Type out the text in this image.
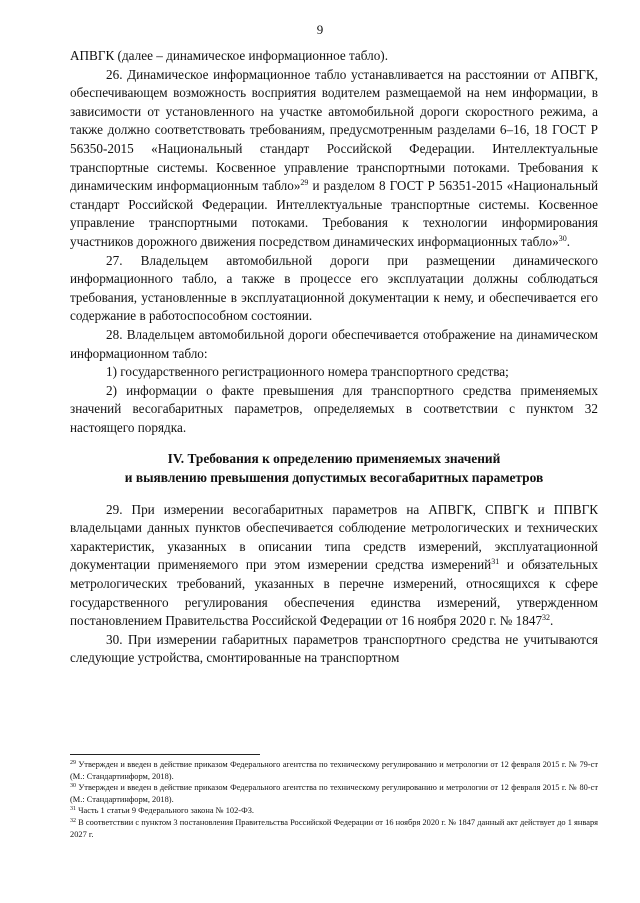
9

АПВГК (далее – динамическое информационное табло).

26. Динамическое информационное табло устанавливается на расстоянии от АПВГК, обеспечивающем возможность восприятия водителем размещаемой на нем информации, в зависимости от установленного на участке автомобильной дороги скоростного режима, а также должно соответствовать требованиям, предусмотренным разделами 6–16, 18 ГОСТ Р 56350-2015 «Национальный стандарт Российской Федерации. Интеллектуальные транспортные системы. Косвенное управление транспортными потоками. Требования к динамическим информационным табло»$^{29}$ и разделом 8 ГОСТ Р 56351-2015 «Национальный стандарт Российской Федерации. Интеллектуальные транспортные системы. Косвенное управление транспортными потоками. Требования к технологии информирования участников дорожного движения посредством динамических информационных табло»$^{30}$.

27. Владельцем автомобильной дороги при размещении динамического информационного табло, а также в процессе его эксплуатации должны соблюдаться требования, установленные в эксплуатационной документации к нему, и обеспечивается его содержание в работоспособном состоянии.

28. Владельцем автомобильной дороги обеспечивается отображение на динамическом информационном табло:

1) государственного регистрационного номера транспортного средства;

2) информации о факте превышения для транспортного средства применяемых значений весогабаритных параметров, определяемых в соответствии с пунктом 32 настоящего порядка.

IV. Требования к определению применяемых значений
и выявлению превышения допустимых весогабаритных параметров

29. При измерении весогабаритных параметров на АПВГК, СПВГК и ППВГК владельцами данных пунктов обеспечивается соблюдение метрологических и технических характеристик, указанных в описании типа средств измерений, эксплуатационной документации применяемого при этом измерении средства измерений$^{31}$ и обязательных метрологических требований, указанных в перечне измерений, относящихся к сфере государственного регулирования обеспечения единства измерений, утвержденном постановлением Правительства Российской Федерации от 16 ноября 2020 г. № 1847$^{32}$.

30. При измерении габаритных параметров транспортного средства не учитываются следующие устройства, смонтированные на транспортном

$^{29}$ Утвержден и введен в действие приказом Федерального агентства по техническому регулированию и метрологии от 12 февраля 2015 г. № 79-ст (М.: Стандартинформ, 2018).

$^{30}$ Утвержден и введен в действие приказом Федерального агентства по техническому регулированию и метрологии от 12 февраля 2015 г. № 80-ст (М.: Стандартинформ, 2018).

$^{31}$ Часть 1 статьи 9 Федерального закона № 102-ФЗ.

$^{32}$ В соответствии с пунктом 3 постановления Правительства Российской Федерации от 16 ноября 2020 г. № 1847 данный акт действует до 1 января 2027 г.
